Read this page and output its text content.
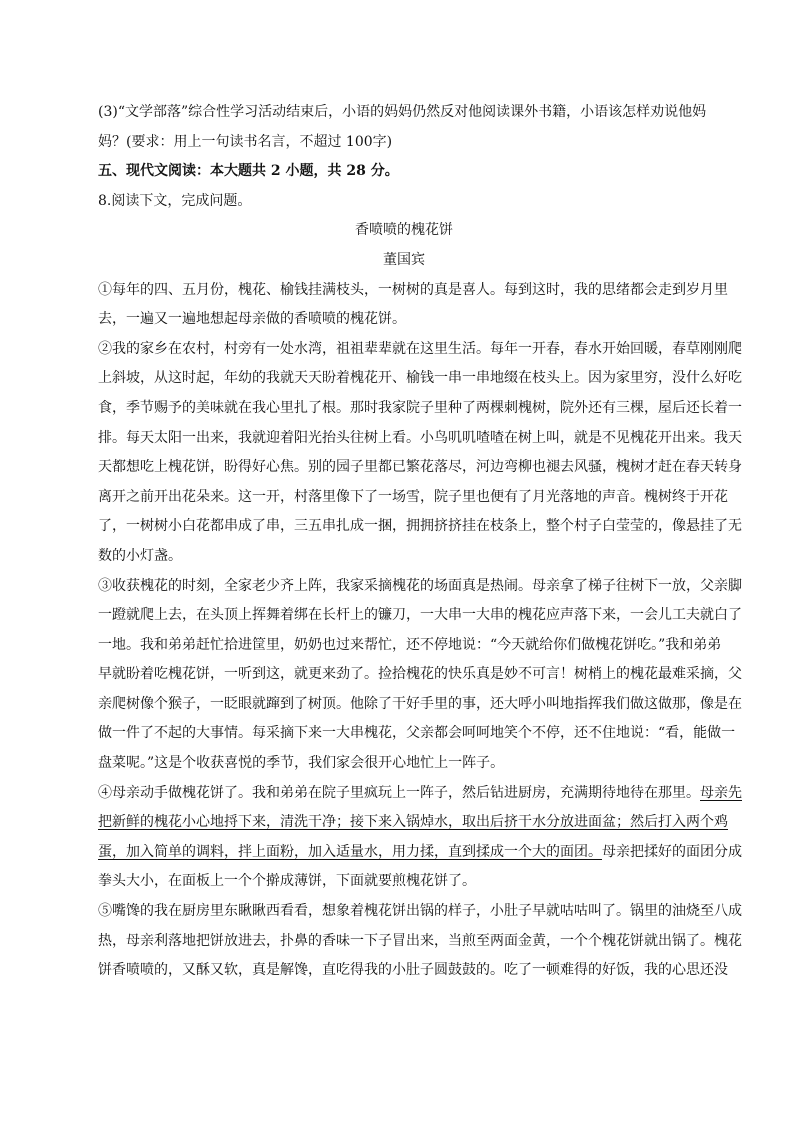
(3)“文学部落”综合性学习活动结束后，小语的妈妈仍然反对他阅读课外书籍，小语该怎样劝说他妈
妈？(要求：用上一句读书名言，不超过 100字)
五、现代文阅读：本大题共 2 小题，共 28 分。
8.阅读下文，完成问题。
香喷喷的槐花饼
董国宾
①每年的四、五月份，槐花、榆钱挂满枝头，一树树的真是喜人。每到这时，我的思绪都会走到岁月里
去，一遍又一遍地想起母亲做的香喷喷的槐花饼。
②我的家乡在农村，村旁有一处水湾，祖祖辈辈就在这里生活。每年一开春，春水开始回暖，春草刚刚爬
上斜坡，从这时起，年幼的我就天天盼着槐花开、榆钱一串一串地缀在枝头上。因为家里穷，没什么好吃
食，季节赐予的美味就在我心里扎了根。那时我家院子里种了两棵刺槐树，院外还有三棵，屋后还长着一
排。每天太阳一出来，我就迎着阳光抬头往树上看。小鸟叽叽喳喳在树上叫，就是不见槐花开出来。我天
天都想吃上槐花饼，盼得好心焦。别的园子里都已繁花落尽，河边弯柳也褪去风骚，槐树才赶在春天转身
离开之前开出花朵来。这一开，村落里像下了一场雪，院子里也便有了月光落地的声音。槐树终于开花
了，一树树小白花都串成了串，三五串扎成一捆，拥拥挤挤挂在枝条上，整个村子白莹莹的，像悬挂了无
数的小灯盏。
③收获槐花的时刻，全家老少齐上阵，我家采摘槐花的场面真是热闹。母亲拿了梯子往树下一放，父亲脚
一蹬就爬上去，在头顶上挥舞着绑在长杆上的镰刀，一大串一大串的槐花应声落下来，一会儿工夫就白了
一地。我和弟弟赶忙拾进筐里，奶奶也过来帮忙，还不停地说：“今天就给你们做槐花饼吃。”我和弟弟
早就盼着吃槐花饼，一听到这，就更来劲了。捡拾槐花的快乐真是妙不可言！树梢上的槐花最难采摘，父
亲爬树像个猴子，一眨眼就蹿到了树顶。他除了干好手里的事，还大呼小叫地指挥我们做这做那，像是在
做一件了不起的大事情。每采摘下来一大串槐花，父亲都会呵呵地笑个不停，还不住地说：“看，能做一
盘菜呢。”这是个收获喜悦的季节，我们家会很开心地忙上一阵子。
④母亲动手做槐花饼了。我和弟弟在院子里疯玩上一阵子，然后钻进厨房，充满期待地待在那里。母亲先
把新鲜的槐花小心地捋下来，清洗干净；接下来入锅焯水，取出后挤干水分放进面盆；然后打入两个鸡
蛋，加入简单的调料，拌上面粉，加入适量水，用力揉，直到揉成一个大的面团。母亲把揉好的面团分成
拳头大小，在面板上一个个擀成薄饼，下面就要煎槐花饼了。
⑤嘴馋的我在厨房里东瞅瞅西看看，想象着槐花饼出锅的样子，小肚子早就咕咕叫了。锅里的油烧至八成
热，母亲利落地把饼放进去，扑鼻的香味一下子冒出来，当煎至两面金黄，一个个槐花饼就出锅了。槐花
饼香喷喷的，又酥又软，真是解馋，直吃得我的小肚子圆鼓鼓的。吃了一顿难得的好饭，我的心思还没
